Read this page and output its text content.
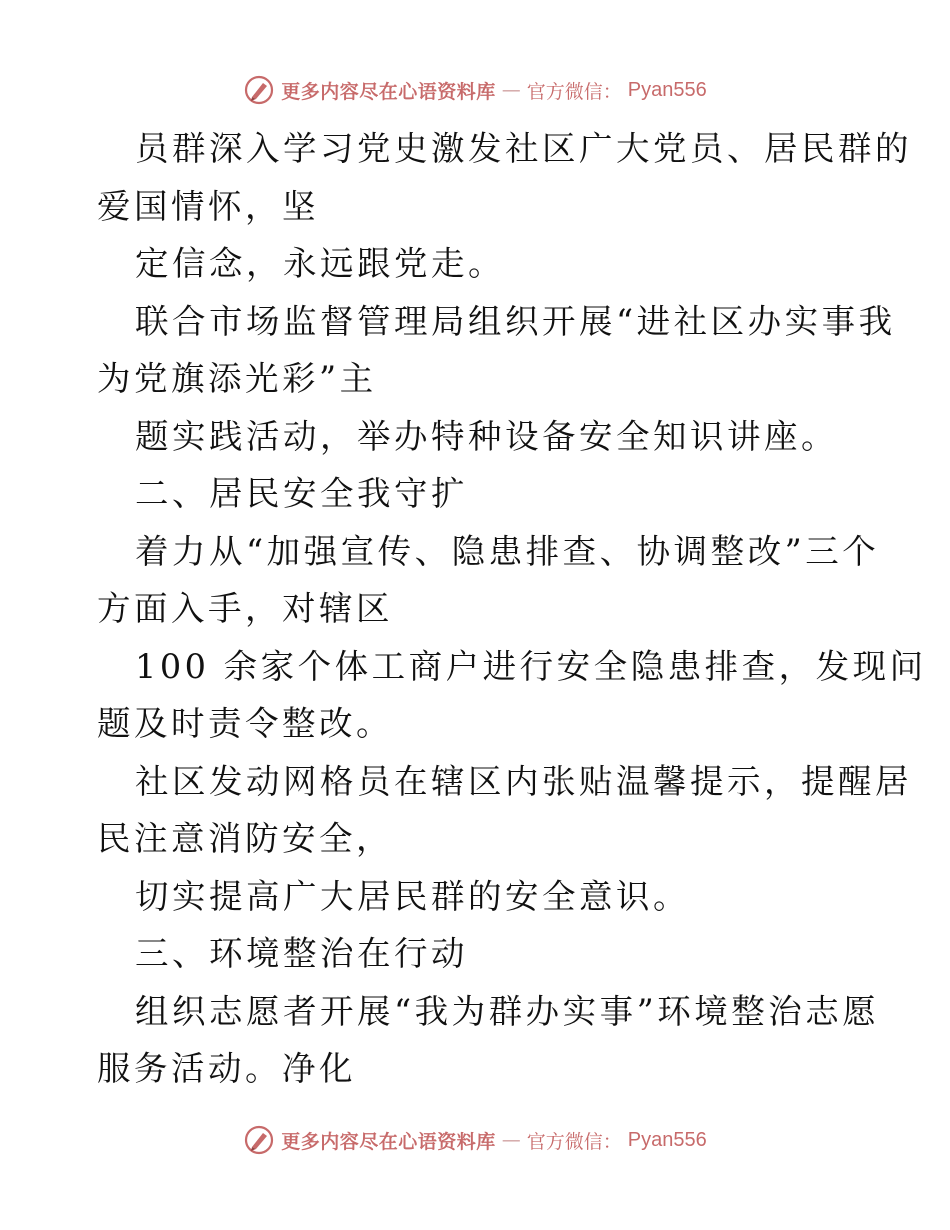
更多内容尽在心语资料库 — 官方微信： Pyan556
员群深入学习党史激发社区广大党员、居民群的
爱国情怀，坚
定信念，永远跟党走。
联合市场监督管理局组织开展“进社区办实事我
为党旗添光彩”主
题实践活动，举办特种设备安全知识讲座。
二、居民安全我守扩
着力从“加强宣传、隐患排查、协调整改”三个
方面入手，对辖区
100 余家个体工商户进行安全隐患排查，发现问
题及时责令整改。
社区发动网格员在辖区内张贴温馨提示，提醒居
民注意消防安全，
切实提高广大居民群的安全意识。
三、环境整治在行动
组织志愿者开展“我为群办实事”环境整治志愿
服务活动。净化
更多内容尽在心语资料库 — 官方微信： Pyan556
